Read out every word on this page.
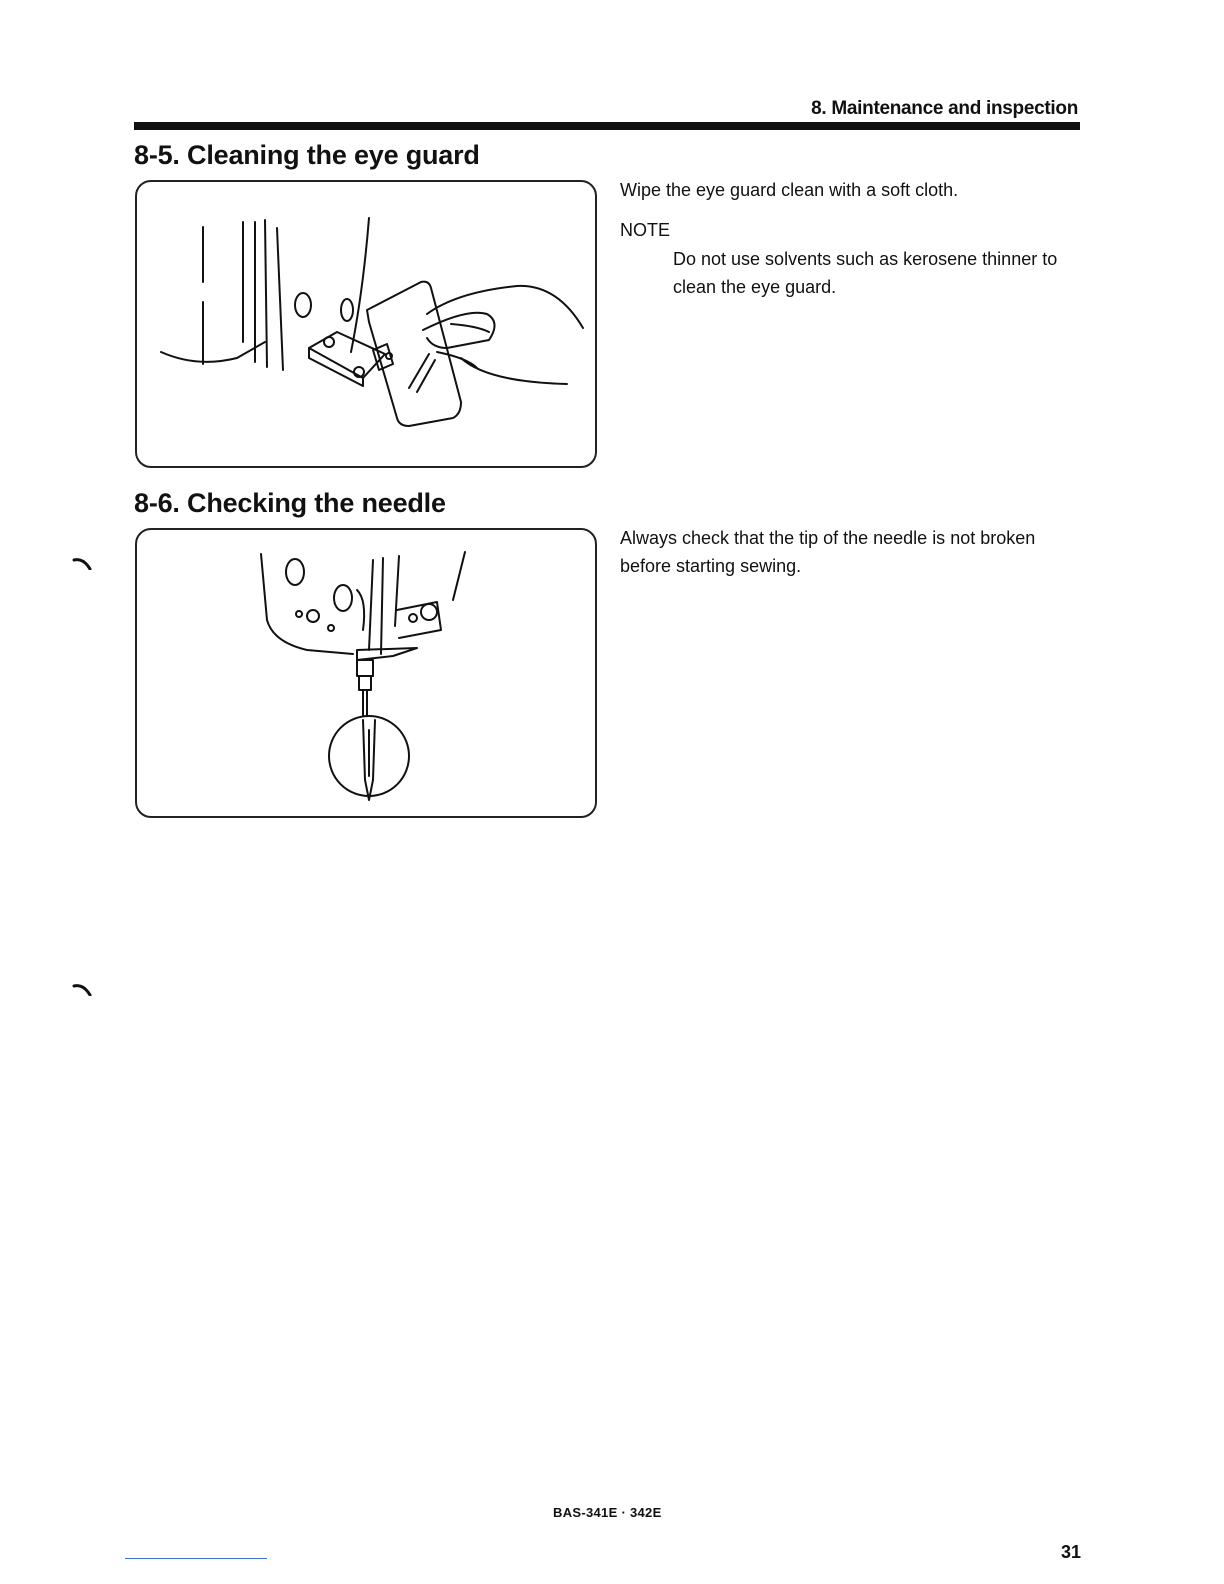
8. Maintenance and inspection
8-5. Cleaning the eye guard
Wipe the eye guard clean with a soft cloth.
NOTE
Do not use solvents such as kerosene thinner to clean the eye guard.
8-6. Checking the needle
Always check that the tip of the needle is not broken before starting sewing.
BAS-341E · 342E
31
